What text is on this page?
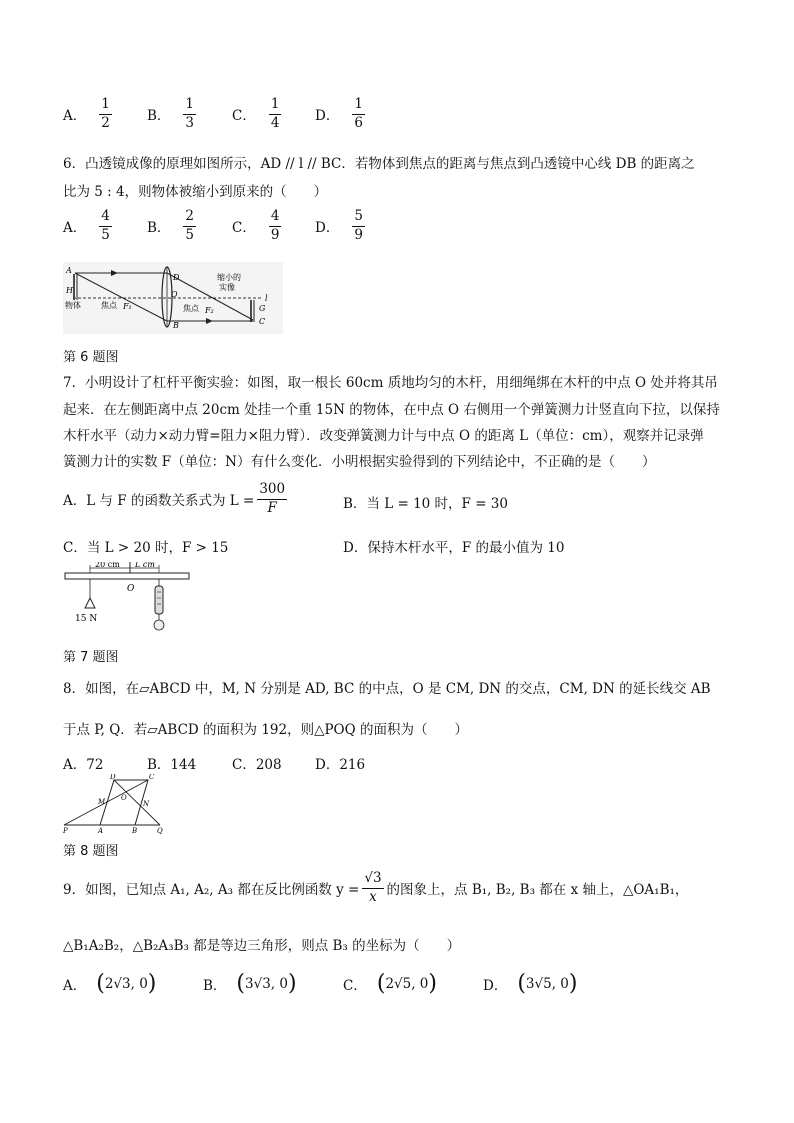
A． $\frac{1}{2}$	B． $\frac{1}{3}$	C． $\frac{1}{4}$ D． $\frac{1}{6}$
6．凸透镜成像的原理如图所示，AD // l // BC．若物体到焦点的距离与焦点到凸透镜中心线 DB 的距离之
比为 5 : 4，则物体被缩小到原来的（　　）
A． $\frac{4}{5}$	B． $\frac{2}{5}$	C． $\frac{4}{9}$ D． $\frac{5}{9}$
A
H
D
O
B
G
C
l
物体	焦点 F₁	焦点 F₂
缩小的
实像
第 6 题图
7．小明设计了杠杆平衡实验：如图，取一根长 60cm 质地均匀的木杆，用细绳绑在木杆的中点 O 处并将其吊
起来．在左侧距离中点 20cm 处挂一个重 15N 的物体，在中点 O 右侧用一个弹簧测力计竖直向下拉，以保持
木杆水平（动力×动力臂=阻力×阻力臂）．改变弹簧测力计与中点 O 的距离 L（单位：cm），观察并记录弹
簧测力计的实数 F（单位：N）有什么变化．小明根据实验得到的下列结论中，不正确的是（　　）
A．L 与 F 的函数关系式为 $L = \frac{300}{F}$	B．当 L = 10 时，F = 30
C．当 L > 20 时，F > 15	D．保持木杆水平，F 的最小值为 10
20 cm L cm
O
15 N
第 7 题图
8．如图，在▱ABCD 中，M, N 分别是 AD, BC 的中点，O 是 CM, DN 的交点，CM, DN 的延长线交 AB
于点 P, Q．若▱ABCD 的面积为 192，则△POQ 的面积为（　　）
A．72	B．144	C．208 D．216
D	C
M	N
O
P	A	B	Q
第 8 题图
9．如图，已知点 A₁, A₂, A₃ 都在反比例函数 $y = \frac{√3}{x}$ 的图象上，点 B₁, B₂, B₃ 都在 x 轴上，△OA₁B₁，
△B₁A₂B₂，△B₂A₃B₃ 都是等边三角形，则点 B₃ 的坐标为（　　）
A． ( 2√3, 0 )	B． ( 3√3, 0 )	C． ( 2√5, 0 )	D． ( 3√5, 0 )
